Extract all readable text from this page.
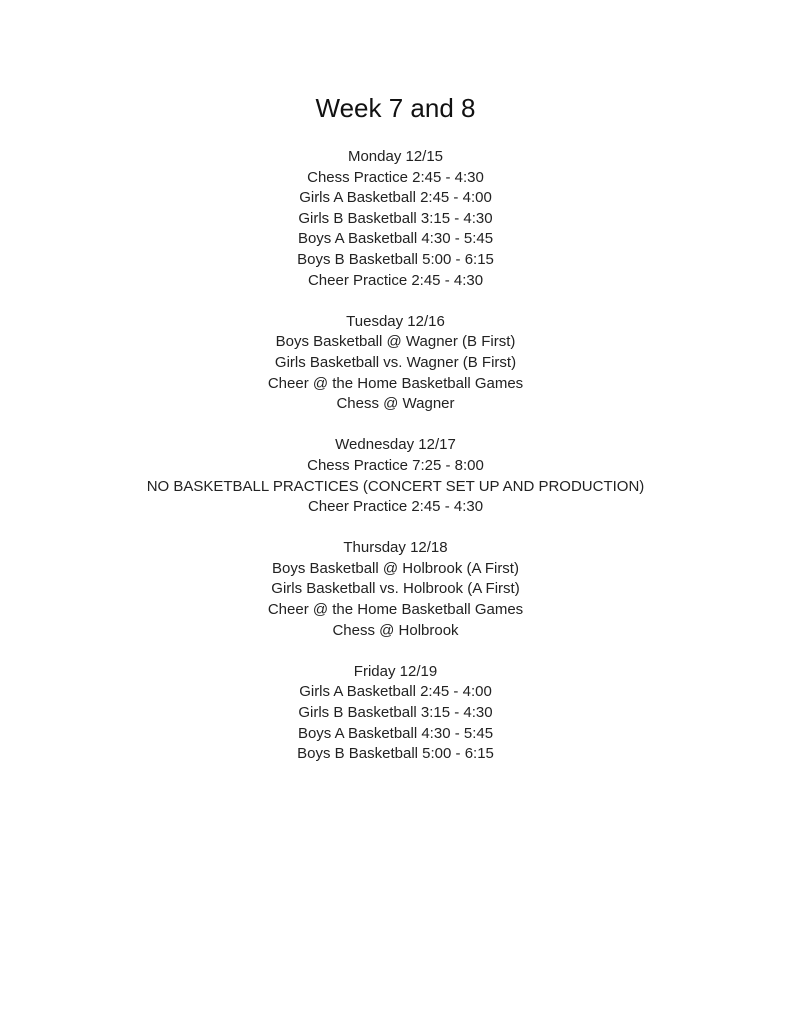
Week 7 and 8
Monday 12/15
Chess Practice 2:45 - 4:30
Girls A Basketball 2:45 - 4:00
Girls B Basketball 3:15 - 4:30
Boys A Basketball 4:30 - 5:45
Boys B Basketball 5:00 - 6:15
Cheer Practice 2:45 - 4:30
Tuesday 12/16
Boys Basketball @ Wagner (B First)
Girls Basketball vs. Wagner (B First)
Cheer @ the Home Basketball Games
Chess @ Wagner
Wednesday 12/17
Chess Practice 7:25 - 8:00
NO BASKETBALL PRACTICES (CONCERT SET UP AND PRODUCTION)
Cheer Practice 2:45 - 4:30
Thursday 12/18
Boys Basketball @ Holbrook (A First)
Girls Basketball vs. Holbrook (A First)
Cheer @ the Home Basketball Games
Chess @ Holbrook
Friday 12/19
Girls A Basketball 2:45 - 4:00
Girls B Basketball 3:15 - 4:30
Boys A Basketball 4:30 - 5:45
Boys B Basketball 5:00 - 6:15
